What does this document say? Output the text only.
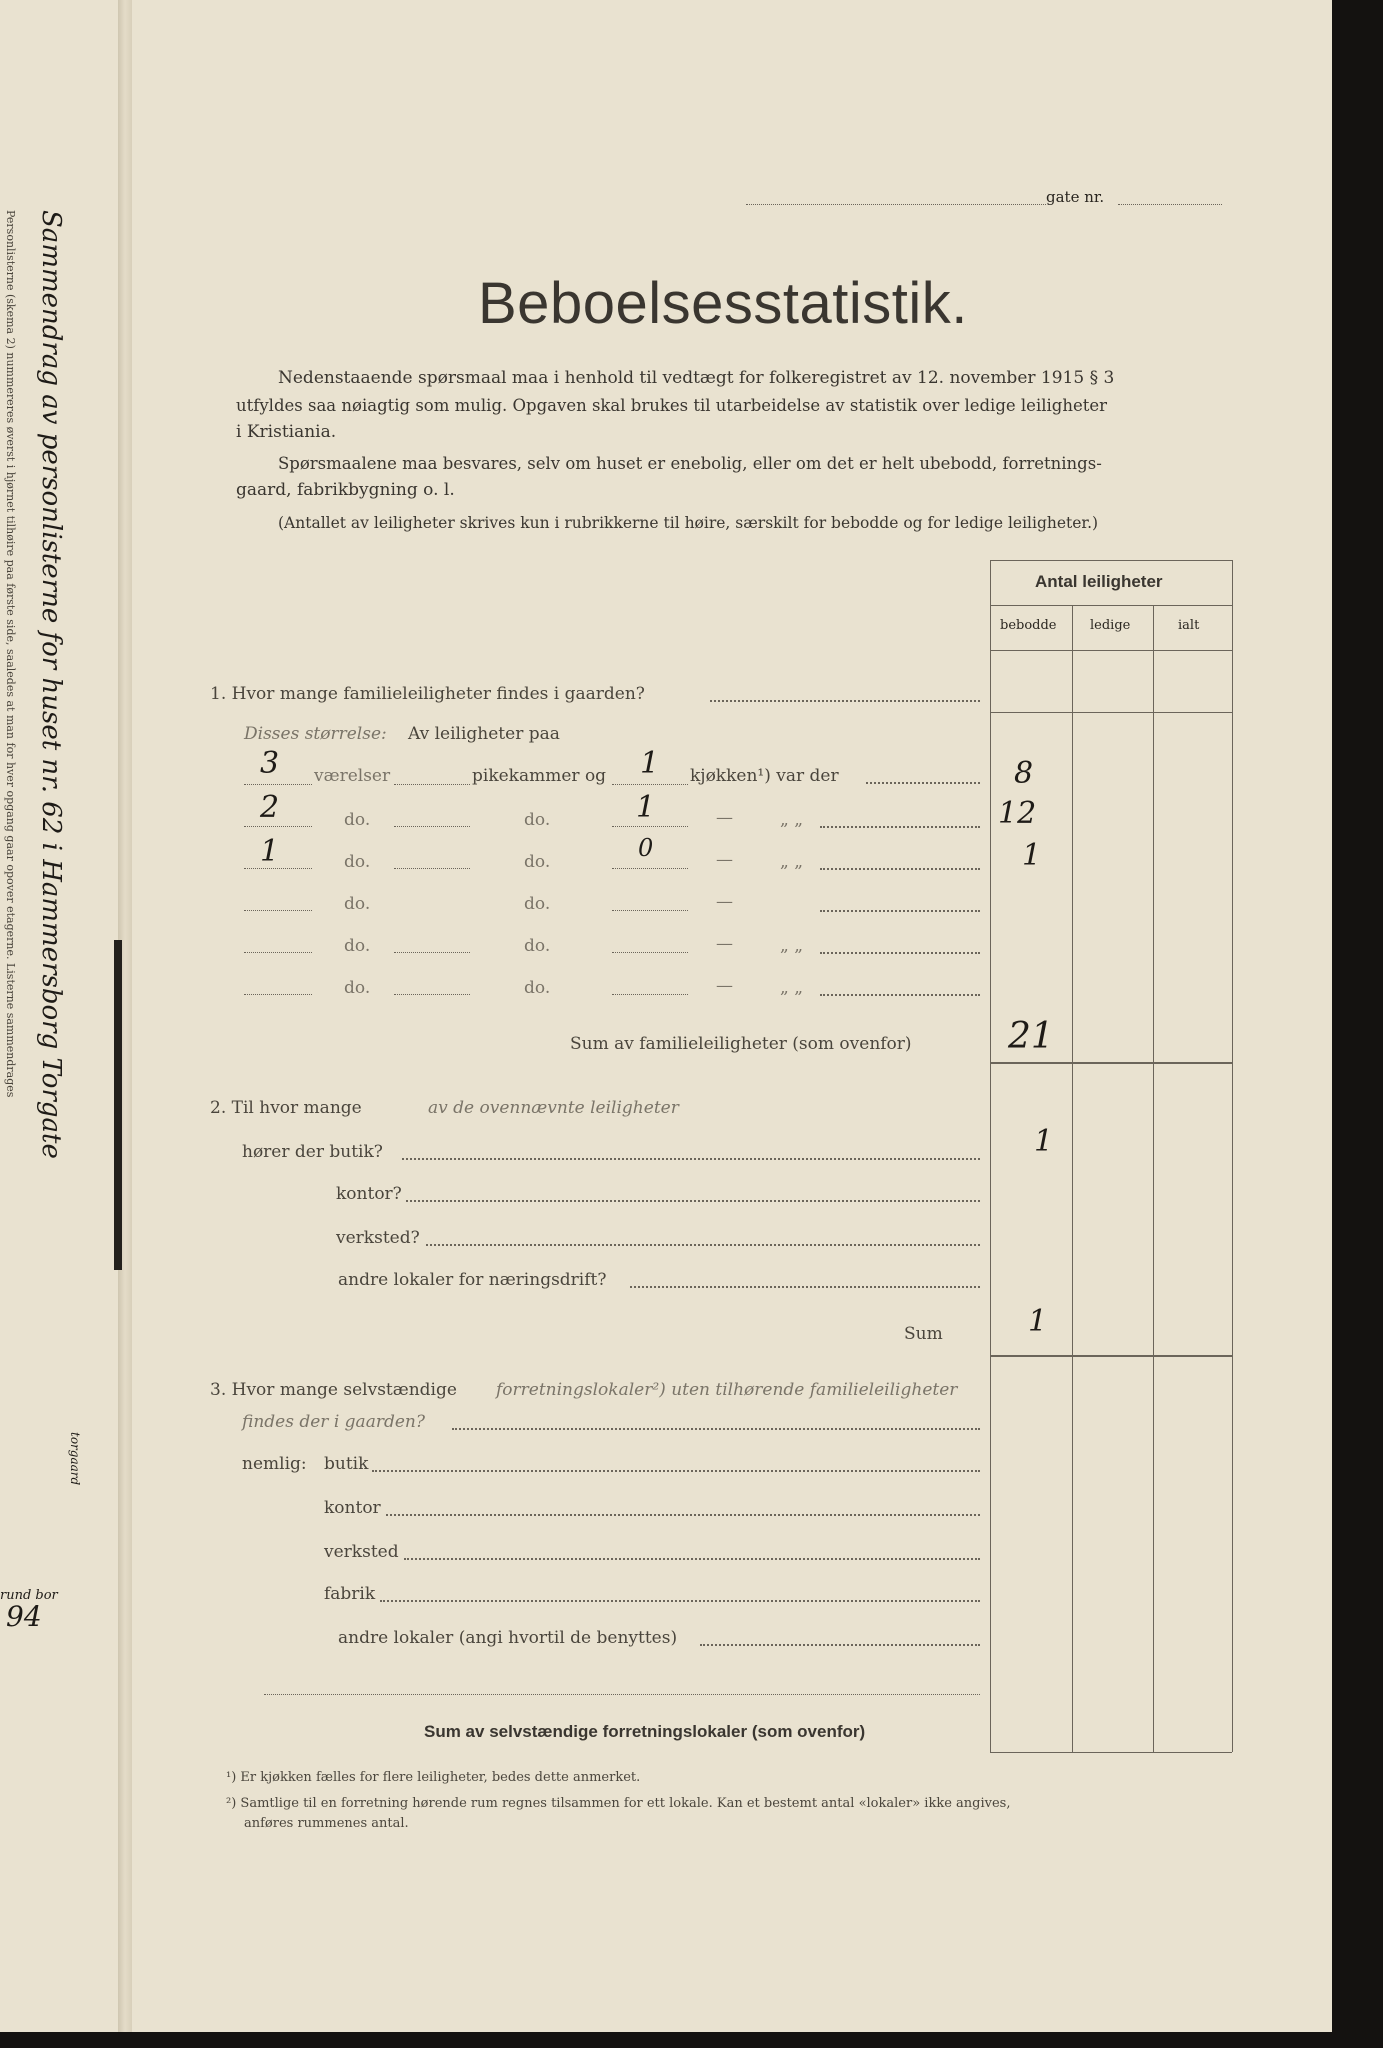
Sammendrag av personlisterne for huset nr. 62 i Hammersborg Torgate
Personlisterne (skema 2) nummereres øverst i hjørnet tilhøire paa første side, saaledes at man for hver opgang gaar opover etagerne. Listerne sammendrages
torgaard
rund bor
94
gate nr.
Beboelsesstatistik.
Nedenstaaende spørsmaal maa i henhold til vedtægt for folkeregistret av 12. november 1915 § 3
utfyldes saa nøiagtig som mulig. Opgaven skal brukes til utarbeidelse av statistik over ledige leiligheter
i Kristiania.
Spørsmaalene maa besvares, selv om huset er enebolig, eller om det er helt ubebodd, forretnings-
gaard, fabrikbygning o. l.
(Antallet av leiligheter skrives kun i rubrikkerne til høire, særskilt for bebodde og for ledige leiligheter.)
Antal leiligheter
bebodde	ledige	ialt
1. Hvor mange familieleiligheter findes i gaarden?
Disses størrelse: Av leiligheter paa
3 værelser	pikekammer og 1 kjøkken¹) var der	8
2	do.	do.	1	—	„ „	12
1	do.	do.	0	—	„ „	1
do.	do.	—
do.	do.	—	„ „
do.	do.	—	„ „
Sum av familieleiligheter (som ovenfor)	21
2. Til hvor mange	av de ovennævnte leiligheter
hører der butik?	1
kontor?
verksted?
andre lokaler for næringsdrift?
Sum	1
3. Hvor mange selvstændige forretningslokaler²) uten tilhørende familieleiligheter
findes der i gaarden?
nemlig: butik
kontor
verksted
fabrik
andre lokaler (angi hvortil de benyttes)
Sum av selvstændige forretningslokaler (som ovenfor)
¹) Er kjøkken fælles for flere leiligheter, bedes dette anmerket.
²) Samtlige til en forretning hørende rum regnes tilsammen for ett lokale. Kan et bestemt antal «lokaler» ikke angives,
anføres rummenes antal.
